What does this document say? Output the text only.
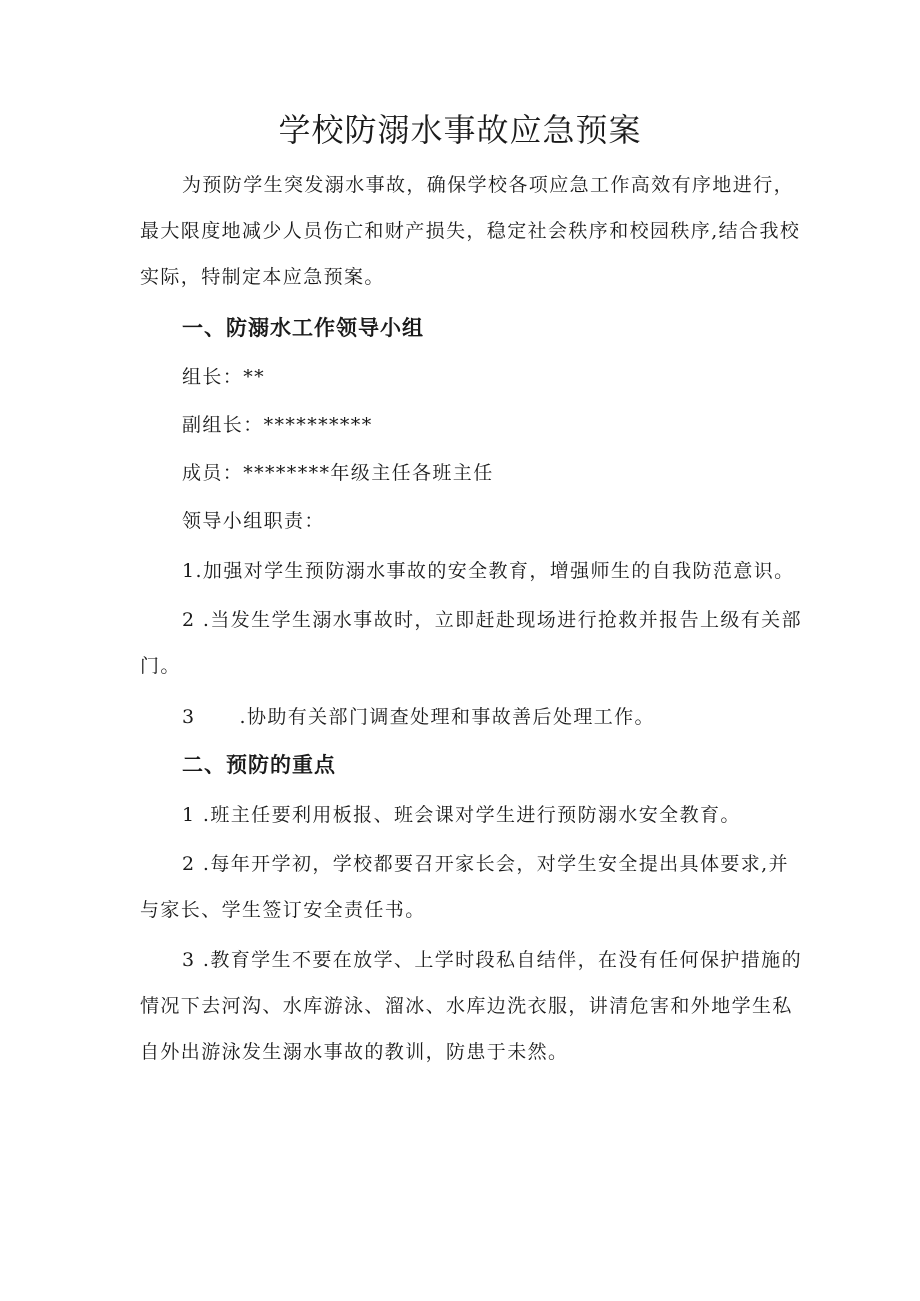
学校防溺水事故应急预案
为预防学生突发溺水事故，确保学校各项应急工作高效有序地进行，
最大限度地减少人员伤亡和财产损失，稳定社会秩序和校园秩序,结合我校
实际，特制定本应急预案。
一、防溺水工作领导小组

组长：**

副组长：**********

成员：********年级主任各班主任

领导小组职责：

1.加强对学生预防溺水事故的安全教育，增强师生的自我防范意识。

2 .当发生学生溺水事故时，立即赶赴现场进行抢救并报告上级有关部
门。

3 .协助有关部门调查处理和事故善后处理工作。

二、预防的重点

1 .班主任要利用板报、班会课对学生进行预防溺水安全教育。

2 .每年开学初，学校都要召开家长会，对学生安全提出具体要求,并
与家长、学生签订安全责任书。
3 .教育学生不要在放学、上学时段私自结伴，在没有任何保护措施的
情况下去河沟、水库游泳、溜冰、水库边洗衣服，讲清危害和外地学生私
自外出游泳发生溺水事故的教训，防患于未然。
